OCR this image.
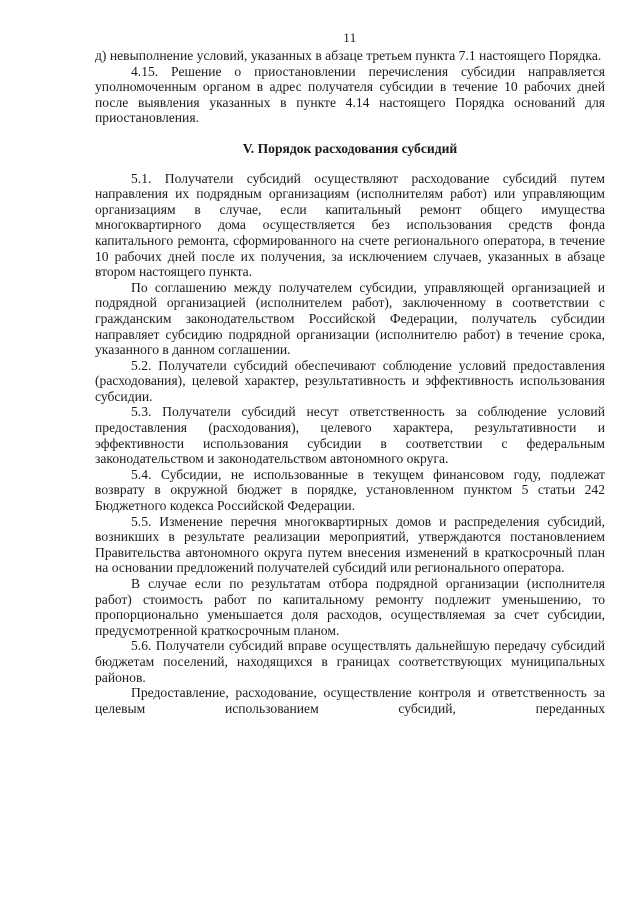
11

д) невыполнение условий, указанных в абзаце третьем пункта 7.1 настоящего Порядка.

4.15. Решение о приостановлении перечисления субсидии направляется уполномоченным органом в адрес получателя субсидии в течение 10 рабочих дней после выявления указанных в пункте 4.14 настоящего Порядка оснований для приостановления.

V. Порядок расходования субсидий

5.1. Получатели субсидий осуществляют расходование субсидий путем направления их подрядным организациям (исполнителям работ) или управляющим организациям в случае, если капитальный ремонт общего имущества многоквартирного дома осуществляется без использования средств фонда капитального ремонта, сформированного на счете регионального оператора, в течение 10 рабочих дней после их получения, за исключением случаев, указанных в абзаце втором настоящего пункта.

По соглашению между получателем субсидии, управляющей организацией и подрядной организацией (исполнителем работ), заключенному в соответствии с гражданским законодательством Российской Федерации, получатель субсидии направляет субсидию подрядной организации (исполнителю работ) в течение срока, указанного в данном соглашении.

5.2. Получатели субсидий обеспечивают соблюдение условий предоставления (расходования), целевой характер, результативность и эффективность использования субсидии.

5.3. Получатели субсидий несут ответственность за соблюдение условий предоставления (расходования), целевого характера, результативности и эффективности использования субсидии в соответствии с федеральным законодательством и законодательством автономного округа.

5.4. Субсидии, не использованные в текущем финансовом году, подлежат возврату в окружной бюджет в порядке, установленном пунктом 5 статьи 242 Бюджетного кодекса Российской Федерации.

5.5. Изменение перечня многоквартирных домов и распределения субсидий, возникших в результате реализации мероприятий, утверждаются постановлением Правительства автономного округа путем внесения изменений в краткосрочный план на основании предложений получателей субсидий или регионального оператора.

В случае если по результатам отбора подрядной организации (исполнителя работ) стоимость работ по капитальному ремонту подлежит уменьшению, то пропорционально уменьшается доля расходов, осуществляемая за счет субсидии, предусмотренной краткосрочным планом.

5.6. Получатели субсидий вправе осуществлять дальнейшую передачу субсидий бюджетам поселений, находящихся в границах соответствующих муниципальных районов.

Предоставление, расходование, осуществление контроля и ответственность за целевым использованием субсидий, переданных
